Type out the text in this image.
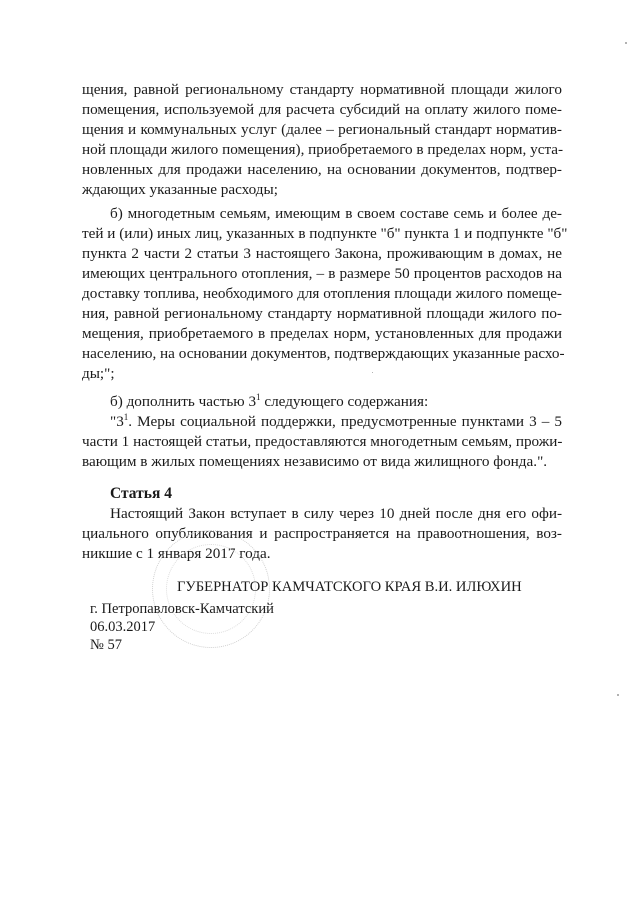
щения, равной региональному стандарту нормативной площади жилого
помещения, используемой для расчета субсидий на оплату жилого поме-
щения и коммунальных услуг (далее – региональный стандарт норматив-
ной площади жилого помещения), приобретаемого в пределах норм, уста-
новленных для продажи населению, на основании документов, подтвер-
ждающих указанные расходы;
б) многодетным семьям, имеющим в своем составе семь и более де-
тей и (или) иных лиц, указанных в подпункте "б" пункта 1 и подпункте "б"
пункта 2 части 2 статьи 3 настоящего Закона, проживающим в домах, не
имеющих центрального отопления, – в размере 50 процентов расходов на
доставку топлива, необходимого для отопления площади жилого помеще-
ния, равной региональному стандарту нормативной площади жилого по-
мещения, приобретаемого в пределах норм, установленных для продажи
населению, на основании документов, подтверждающих указанные расхо-
ды;";
б) дополнить частью $3^1$ следующего содержания:
"$3^1$. Меры социальной поддержки, предусмотренные пунктами 3 – 5
части 1 настоящей статьи, предоставляются многодетным семьям, прожи-
вающим в жилых помещениях независимо от вида жилищного фонда.".
Статья 4
Настоящий Закон вступает в силу через 10 дней после дня его офи-
циального опубликования и распространяется на правоотношения, воз-
никшие с 1 января 2017 года.
ГУБЕРНАТОР КАМЧАТСКОГО КРАЯ В.И. ИЛЮХИН
г. Петропавловск-Камчатский
06.03.2017
№ 57
